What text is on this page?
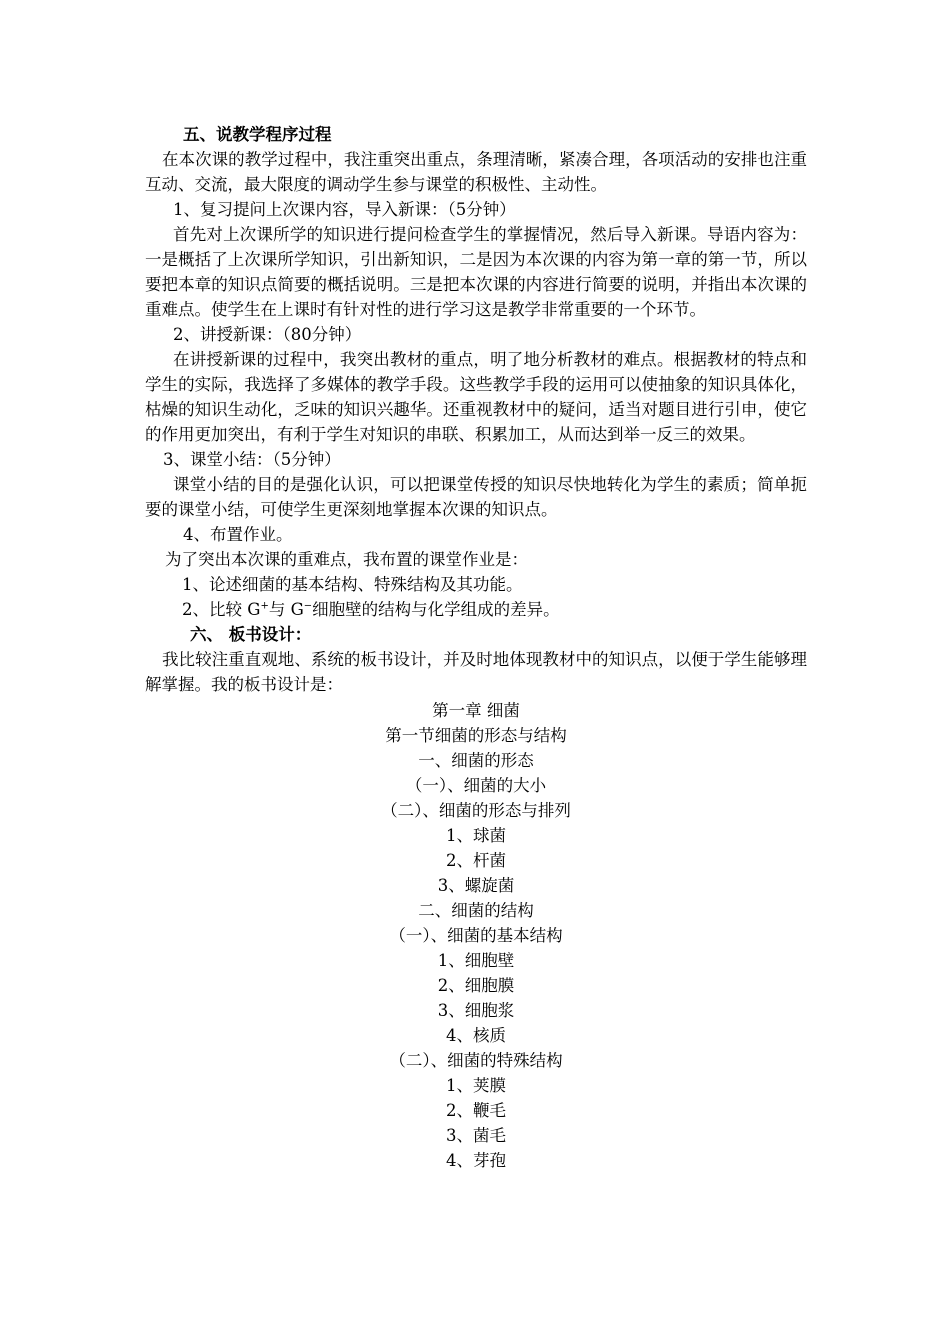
五、说教学程序过程

在本次课的教学过程中，我注重突出重点，条理清晰，紧凑合理，各项活动的安排也注重互动、交流，最大限度的调动学生参与课堂的积极性、主动性。

1、复习提问上次课内容，导入新课：（5分钟）

首先对上次课所学的知识进行提问检查学生的掌握情况，然后导入新课。导语内容为：一是概括了上次课所学知识，引出新知识，二是因为本次课的内容为第一章的第一节，所以要把本章的知识点简要的概括说明。三是把本次课的内容进行简要的说明，并指出本次课的重难点。使学生在上课时有针对性的进行学习这是教学非常重要的一个环节。

2、讲授新课：（80分钟）

在讲授新课的过程中，我突出教材的重点，明了地分析教材的难点。根据教材的特点和学生的实际，我选择了多媒体的教学手段。这些教学手段的运用可以使抽象的知识具体化，枯燥的知识生动化，乏味的知识兴趣华。还重视教材中的疑问，适当对题目进行引申，使它的作用更加突出，有利于学生对知识的串联、积累加工，从而达到举一反三的效果。

3、课堂小结：（5分钟）

课堂小结的目的是强化认识，可以把课堂传授的知识尽快地转化为学生的素质；简单扼要的课堂小结，可使学生更深刻地掌握本次课的知识点。

4、布置作业。

为了突出本次课的重难点，我布置的课堂作业是：

1、论述细菌的基本结构、特殊结构及其功能。

2、比较 G+与 G−细胞壁的结构与化学组成的差异。

六、 板书设计：

我比较注重直观地、系统的板书设计，并及时地体现教材中的知识点，以便于学生能够理解掌握。我的板书设计是：

第一章 细菌

第一节细菌的形态与结构

一、细菌的形态

（一）、细菌的大小

（二）、细菌的形态与排列

1、球菌

2、杆菌

3、螺旋菌

二、细菌的结构

（一）、细菌的基本结构

1、细胞壁

2、细胞膜

3、细胞浆

4、核质

（二）、细菌的特殊结构

1、荚膜

2、鞭毛

3、菌毛

4、芽孢
